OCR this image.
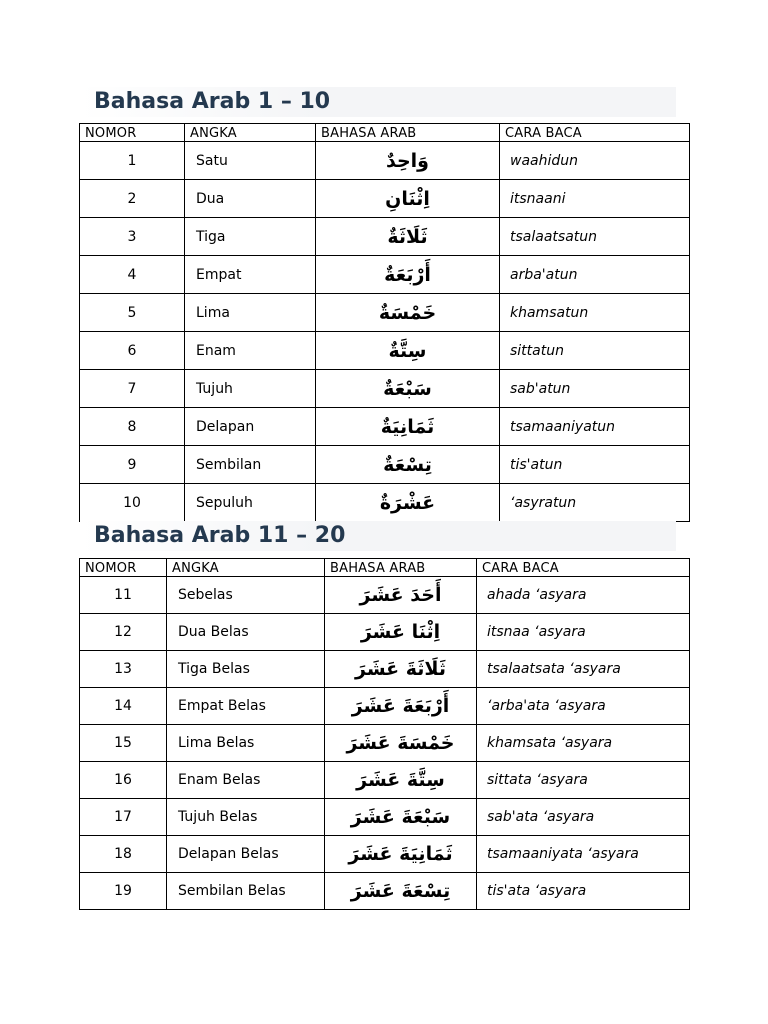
Bahasa Arab 1 – 10
NOMOR	ANGKA	BAHASA ARAB	CARA BACA
1	Satu	وَاحِدٌ	waahidun
2	Dua	اِثْنَانِ	itsnaani
3	Tiga	ثَلَاثَةٌ	tsalaatsatun
4	Empat	أَرْبَعَةٌ	arba'atun
5	Lima	خَمْسَةٌ	khamsatun
6	Enam	سِتَّةٌ	sittatun
7	Tujuh	سَبْعَةٌ	sab'atun
8	Delapan	ثَمَانِيَةٌ	tsamaaniyatun
9	Sembilan	تِسْعَةٌ	tis'atun
10	Sepuluh	عَشْرَةٌ	‘asyratun
Bahasa Arab 11 – 20
NOMOR	ANGKA	BAHASA ARAB	CARA BACA
11	Sebelas	أَحَدَ عَشَرَ	ahada ‘asyara
12	Dua Belas	اِثْنَا عَشَرَ	itsnaa ‘asyara
13	Tiga Belas	ثَلَاثَةَ عَشَرَ	tsalaatsata ‘asyara
14	Empat Belas	أَرْبَعَةَ عَشَرَ	‘arba'ata ‘asyara
15	Lima Belas	خَمْسَةَ عَشَرَ	khamsata ‘asyara
16	Enam Belas	سِتَّةَ عَشَرَ	sittata ‘asyara
17	Tujuh Belas	سَبْعَةَ عَشَرَ	sab'ata ‘asyara
18	Delapan Belas	ثَمَانِيَةَ عَشَرَ	tsamaaniyata ‘asyara
19	Sembilan Belas	تِسْعَةَ عَشَرَ	tis'ata ‘asyara
